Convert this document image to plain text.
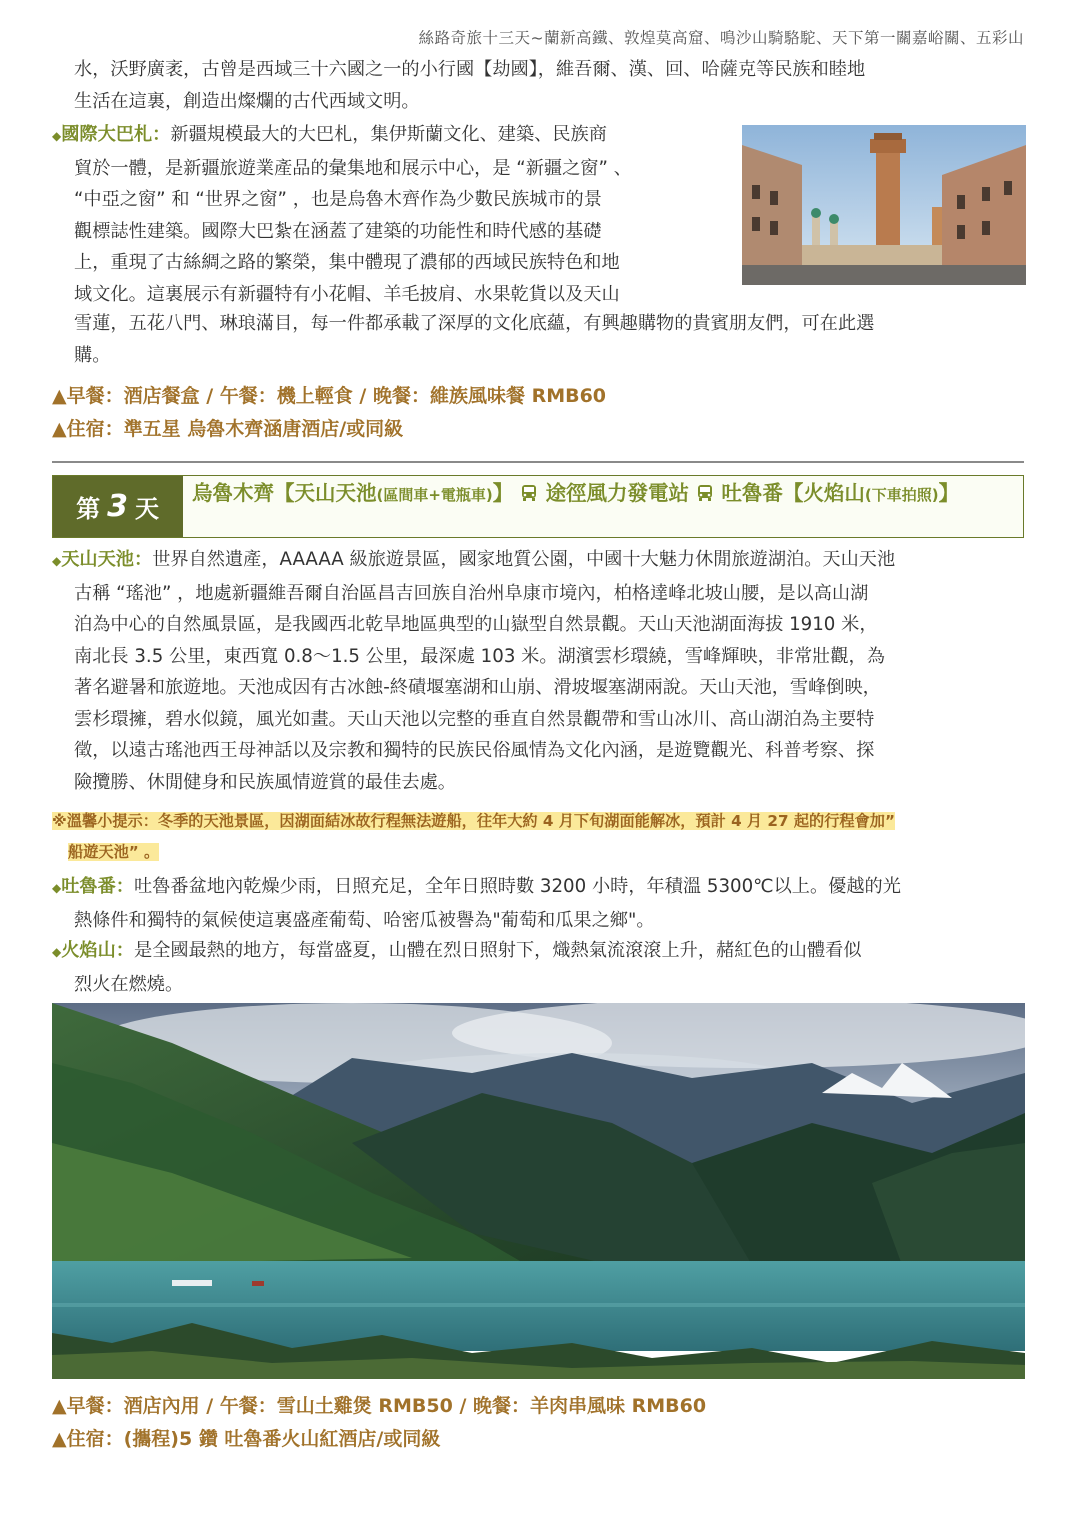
絲路奇旅十三天~蘭新高鐵、敦煌莫高窟、鳴沙山騎駱駝、天下第一關嘉峪關、五彩山

水，沃野廣袤，古曾是西域三十六國之一的小行國【劫國】，維吾爾、漢、回、哈薩克等民族和睦地

生活在這裏，創造出燦爛的古代西域文明。

◆國際大巴札：新疆規模最大的大巴札，集伊斯蘭文化、建築、民族商

貿於一體，是新疆旅遊業產品的彙集地和展示中心，是 “新疆之窗” 、

“中亞之窗” 和 “世界之窗” ，也是烏魯木齊作為少數民族城市的景

觀標誌性建築。國際大巴紮在涵蓋了建築的功能性和時代感的基礎

上，重現了古絲綢之路的繁榮，集中體現了濃郁的西域民族特色和地

域文化。這裏展示有新疆特有小花帽、羊毛披肩、水果乾貨以及天山

雪蓮，五花八門、琳琅滿目，每一件都承載了深厚的文化底蘊，有興趣購物的貴賓朋友們，可在此選

購。

▲早餐：酒店餐盒 / 午餐：機上輕食 / 晚餐：維族風味餐 RMB60
▲住宿：準五星 烏魯木齊涵唐酒店/或同級
第 3 天
烏魯木齊【天山天池(區間車+電瓶車)】 途徑風力發電站 吐魯番【火焰山(下車拍照)】

◆天山天池：世界自然遺產，AAAAA 級旅遊景區，國家地質公園，中國十大魅力休閒旅遊湖泊。天山天池

古稱 “瑤池” ，地處新疆維吾爾自治區昌吉回族自治州阜康市境內，柏格達峰北坡山腰，是以高山湖

泊為中心的自然風景區，是我國西北乾旱地區典型的山嶽型自然景觀。天山天池湖面海拔 1910 米，

南北長 3.5 公里，東西寬 0.8～1.5 公里，最深處 103 米。湖濱雲杉環繞，雪峰輝映，非常壯觀，為

著名避暑和旅遊地。天池成因有古冰蝕-終磧堰塞湖和山崩、滑坡堰塞湖兩說。天山天池，雪峰倒映，

雲杉環擁，碧水似鏡，風光如畫。天山天池以完整的垂直自然景觀帶和雪山冰川、高山湖泊為主要特

徵，以遠古瑤池西王母神話以及宗教和獨特的民族民俗風情為文化內涵，是遊覽觀光、科普考察、探

險攬勝、休閒健身和民族風情遊賞的最佳去處。

※溫馨小提示：冬季的天池景區，因湖面結冰故行程無法遊船，往年大約 4 月下旬湖面能解冰，預計 4 月 27 起的行程會加”
船遊天池” 。

◆吐魯番：吐魯番盆地內乾燥少雨，日照充足，全年日照時數 3200 小時，年積溫 5300℃以上。優越的光

熱條件和獨特的氣候使這裏盛產葡萄、哈密瓜被譽為"葡萄和瓜果之鄉"。

◆火焰山：是全國最熱的地方，每當盛夏，山體在烈日照射下，熾熱氣流滾滾上升，赭紅色的山體看似

烈火在燃燒。

▲早餐：酒店內用 / 午餐：雪山土雞煲 RMB50 / 晚餐：羊肉串風味 RMB60
▲住宿：(攜程)5 鑽 吐魯番火山紅酒店/或同級
